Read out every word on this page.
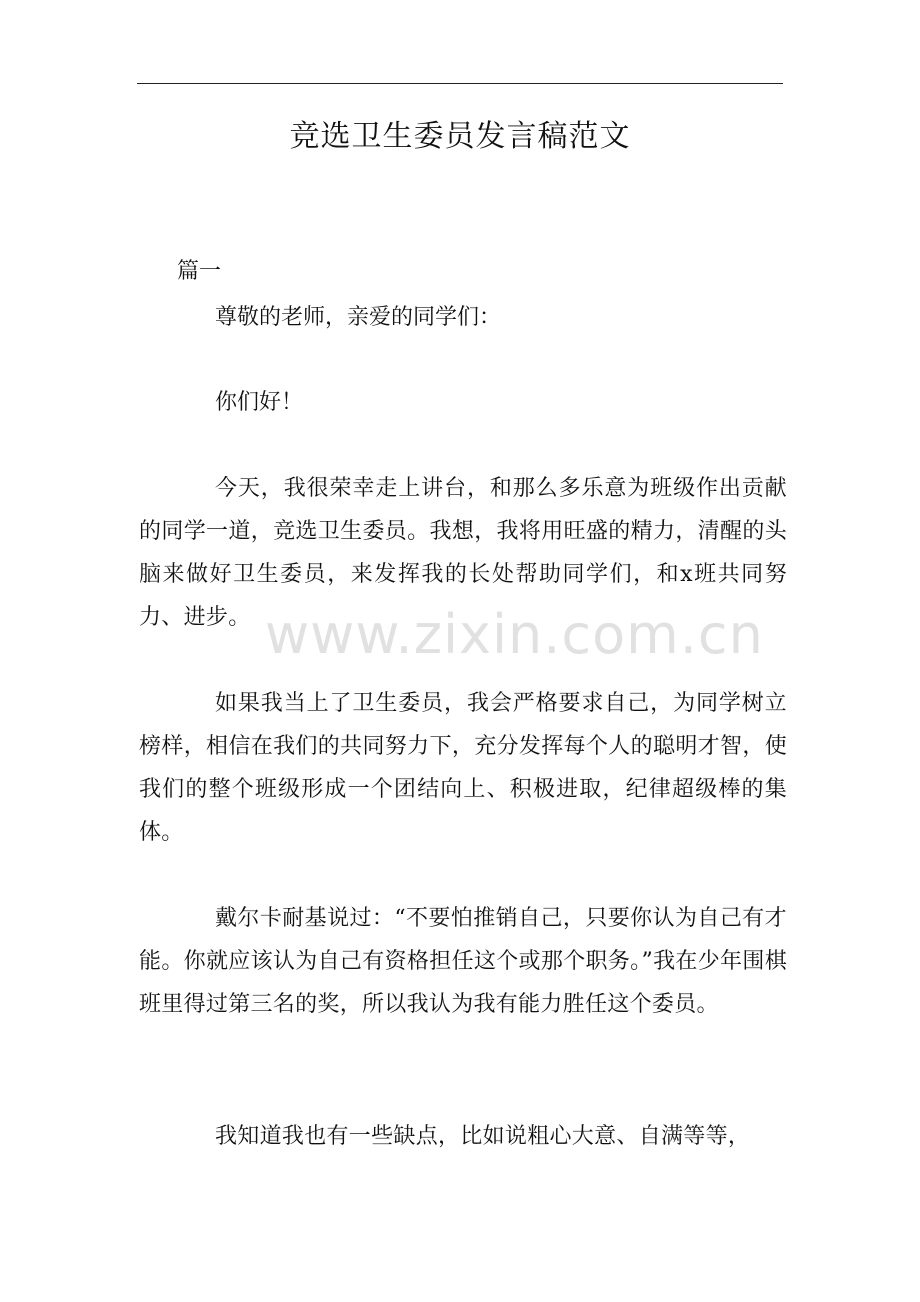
竞选卫生委员发言稿范文
篇一
尊敬的老师，亲爱的同学们：
你们好！

今天，我很荣幸走上讲台，和那么多乐意为班级作出贡献的同学一道，竞选卫生委员。我想，我将用旺盛的精力，清醒的头脑来做好卫生委员，来发挥我的长处帮助同学们，和x班共同努力、进步。

如果我当上了卫生委员，我会严格要求自己，为同学树立榜样，相信在我们的共同努力下，充分发挥每个人的聪明才智，使我们的整个班级形成一个团结向上、积极进取，纪律超级棒的集体。

戴尔卡耐基说过：“不要怕推销自己，只要你认为自己有才能。你就应该认为自己有资格担任这个或那个职务。”我在少年围棋班里得过第三名的奖，所以我认为我有能力胜任这个委员。

我知道我也有一些缺点，比如说粗心大意、自满等等，

www.zixin.com.cn
